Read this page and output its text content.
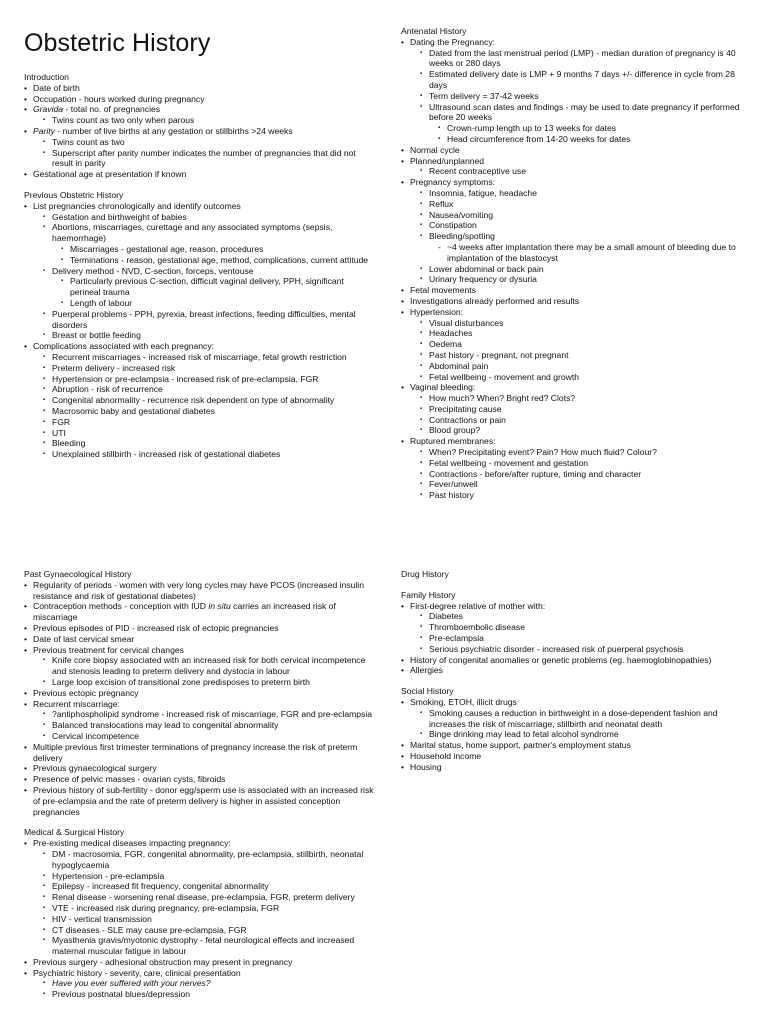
Obstetric History

Introduction

• Date of birth
• Occupation - hours worked during pregnancy
• Gravida - total no. of pregnancies
▪ Twins count as two only when parous
• Parity - number of live births at any gestation or stillbirths >24 weeks
▪ Twins count as two
▪ Superscript after parity number indicates the number of pregnancies that did not result in parity
• Gestational age at presentation if known

Previous Obstetric History

• List pregnancies chronologically and identify outcomes
▪ Gestation and birthweight of babies
▪ Abortions, miscarriages, curettage and any associated symptoms (sepsis, haemorrhage)
▪ Miscarriages - gestational age, reason, procedures
▪ Terminations - reason, gestational age, method, complications, current attitude
▪ Delivery method - NVD, C-section, forceps, ventouse
▪ Particularly previous C-section, difficult vaginal delivery, PPH, significant perineal trauma
▪ Length of labour
▪ Puerperal problems - PPH, pyrexia, breast infections, feeding difficulties, mental disorders
▪ Breast or bottle feeding
• Complications associated with each pregnancy:
▪ Recurrent miscarriages - increased risk of miscarriage, fetal growth restriction
▪ Preterm delivery - increased risk
▪ Hypertension or pre-eclampsia - increased risk of pre-eclampsia, FGR
▪ Abruption - risk of recurrence
▪ Congenital abnormality - recurrence risk dependent on type of abnormality
▪ Macrosomic baby and gestational diabetes
▪ FGR
▪ UTI
▪ Bleeding
▪ Unexplained stillbirth - increased risk of gestational diabetes

Antenatal History

• Dating the Pregnancy:
▪ Dated from the last menstrual period (LMP) - median duration of pregnancy is 40 weeks or 280 days
▪ Estimated delivery date is LMP + 9 months 7 days +/- difference in cycle from 28 days
▪ Term delivery = 37-42 weeks
▪ Ultrasound scan dates and findings - may be used to date pregnancy if performed before 20 weeks
▪ Crown-rump length up to 13 weeks for dates
▪ Head circumference from 14-20 weeks for dates
• Normal cycle
• Planned/unplanned
▪ Recent contraceptive use
• Pregnancy symptoms:
▪ Insomnia, fatigue, headache
▪ Reflux
▪ Nausea/vomiting
▪ Constipation
▪ Bleeding/spotting
- ~4 weeks after implantation there may be a small amount of bleeding due to implantation of the blastocyst
▪ Lower abdominal or back pain
▪ Urinary frequency or dysuria
• Fetal movements
• Investigations already performed and results
• Hypertension:
▪ Visual disturbances
▪ Headaches
▪ Oedema
▪ Past history - pregnant, not pregnant
▪ Abdominal pain
▪ Fetal wellbeing - movement and growth
• Vaginal bleeding:
▪ How much? When? Bright red? Clots?
▪ Precipitating cause
▪ Contractions or pain
▪ Blood group?
• Ruptured membranes:
▪ When? Precipitating event? Pain? How much fluid? Colour?
▪ Fetal wellbeing - movement and gestation
▪ Contractions - before/after rupture, timing and character
▪ Fever/unwell
▪ Past history

Past Gynaecological History

• Regularity of periods - women with very long cycles may have PCOS (increased insulin resistance and risk of gestational diabetes)
• Contraception methods - conception with IUD in situ carries an increased risk of miscarriage
• Previous episodes of PID - increased risk of ectopic pregnancies
• Date of last cervical smear
• Previous treatment for cervical changes
▪ Knife core biopsy associated with an increased risk for both cervical incompetence and stenosis leading to preterm delivery and dystocia in labour
▪ Large loop excision of transitional zone predisposes to preterm birth
• Previous ectopic pregnancy
• Recurrent miscarriage:
▪ ?antiphospholipid syndrome - increased risk of miscarriage, FGR and pre-eclampsia
▪ Balanced translocations may lead to congenital abnormality
▪ Cervical incompetence
• Multiple previous first trimester terminations of pregnancy increase the risk of preterm delivery
• Previous gynaecological surgery
• Presence of pelvic masses - ovarian cysts, fibroids
• Previous history of sub-fertility - donor egg/sperm use is associated with an increased risk of pre-eclampsia and the rate of preterm delivery is higher in assisted conception pregnancies

Medical & Surgical History

• Pre-existing medical diseases impacting pregnancy:
▪ DM - macrosomia, FGR, congenital abnormality, pre-eclampsia, stillbirth, neonatal hypoglycaemia
▪ Hypertension - pre-eclampsia
▪ Epilepsy - increased fit frequency, congenital abnormality
▪ Renal disease - worsening renal disease, pre-eclampsia, FGR, preterm delivery
▪ VTE - increased risk during pregnancy, pre-eclampsia, FGR
▪ HIV - vertical transmission
▪ CT diseases - SLE may cause pre-eclampsia, FGR
▪ Myasthenia gravis/myotonic dystrophy - fetal neurological effects and increased maternal muscular fatigue in labour
• Previous surgery - adhesional obstruction may present in pregnancy
• Psychiatric history - severity, care, clinical presentation
▪ Have you ever suffered with your nerves?
▪ Previous postnatal blues/depression

Drug History

Family History

• First-degree relative of mother with:
▪ Diabetes
▪ Thromboembolic disease
▪ Pre-eclampsia
▪ Serious psychiatric disorder - increased risk of puerperal psychosis
• History of congenital anomalies or genetic problems (eg. haemoglobinopathies)
• Allergies

Social History

• Smoking, ETOH, illicit drugs
▪ Smoking causes a reduction in birthweight in a dose-dependent fashion and increases the risk of miscarriage, stillbirth and neonatal death
▪ Binge drinking may lead to fetal alcohol syndrome
• Marital status, home support, partner's employment status
• Household income
• Housing
